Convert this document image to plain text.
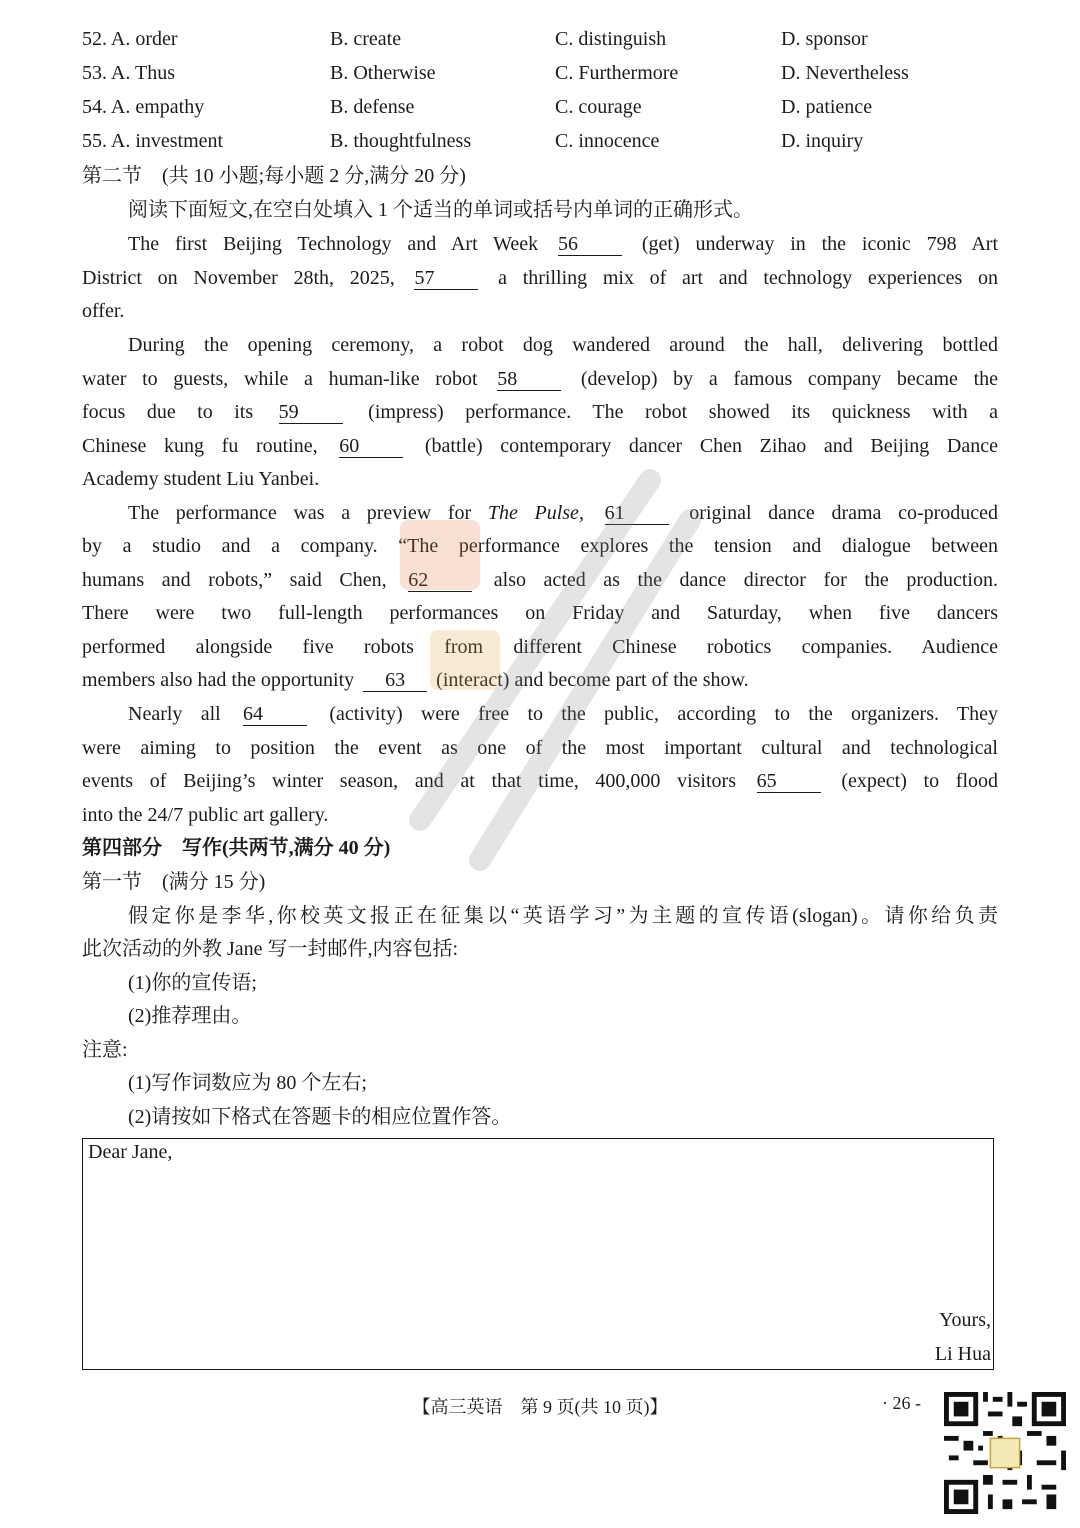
52. A. order	B. create	C. distinguish	D. sponsor
53. A. Thus	B. Otherwise	C. Furthermore	D. Nevertheless
54. A. empathy	B. defense	C. courage	D. patience
55. A. investment	B. thoughtfulness	C. innocence	D. inquiry
第二节　(共 10 小题;每小题 2 分,满分 20 分)
阅读下面短文,在空白处填入 1 个适当的单词或括号内单词的正确形式。
The first Beijing Technology and Art Week 56	(get) underway in the iconic 798 Art
District on November 28th, 2025, 57	a thrilling mix of art and technology experiences on
offer.
During the opening ceremony, a robot dog wandered around the hall, delivering bottled
water to guests, while a human-like robot 58	(develop) by a famous company became the
focus due to its 59	(impress) performance. The robot showed its quickness with a
Chinese kung fu routine, 60	(battle) contemporary dancer Chen Zihao and Beijing Dance
Academy student Liu Yanbei.
The performance was a preview for The Pulse, 61	original dance drama co-produced
by a studio and a company. “The performance explores the tension and dialogue between
humans and robots,” said Chen, 62	also acted as the dance director for the production.
There were two full-length performances on Friday and Saturday, when five dancers
performed alongside five robots from different Chinese robotics companies. Audience
members also had the opportunity 63 (interact) and become part of the show.
Nearly all 64	(activity) were free to the public, according to the organizers. They
were aiming to position the event as one of the most important cultural and technological
events of Beijing’s winter season, and at that time, 400,000 visitors 65	(expect) to flood
into the 24/7 public art gallery.
第四部分　写作(共两节,满分 40 分)
第一节　(满分 15 分)
假定你是李华,你校英文报正在征集以“英语学习”为主题的宣传语(slogan)。请你给负责
此次活动的外教 Jane 写一封邮件,内容包括:
(1)你的宣传语;
(2)推荐理由。
注意:
(1)写作词数应为 80 个左右;
(2)请按如下格式在答题卡的相应位置作答。
Dear Jane,
Yours,
Li Hua
【高三英语　第 9 页(共 10 页)】	· 26 -
